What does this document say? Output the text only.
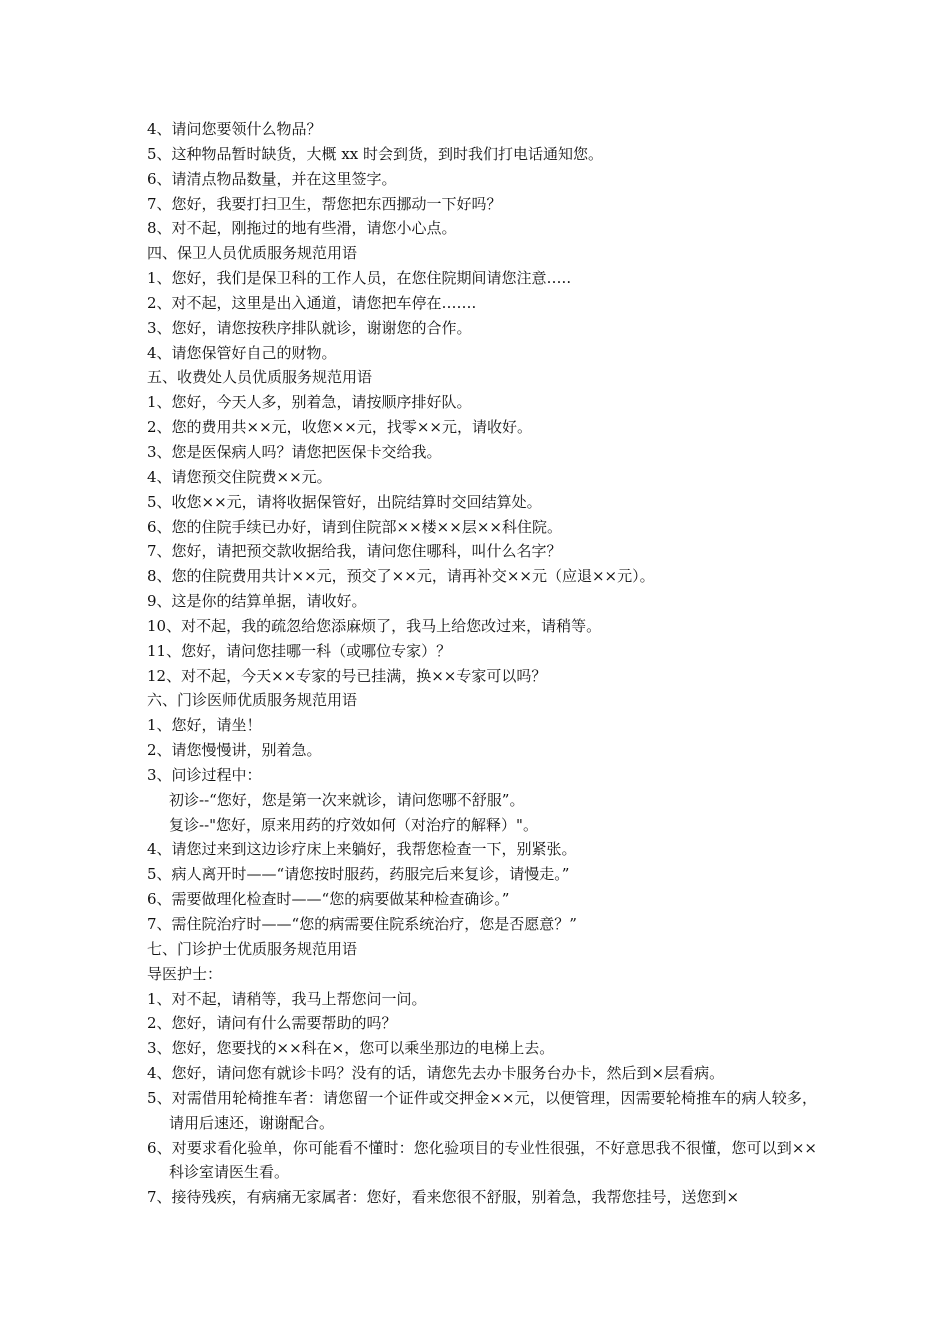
4、请问您要领什么物品？
5、这种物品暂时缺货，大概 xx 时会到货，到时我们打电话通知您。
6、请清点物品数量，并在这里签字。
7、您好，我要打扫卫生，帮您把东西挪动一下好吗？
8、对不起，刚拖过的地有些滑，请您小心点。
四、保卫人员优质服务规范用语
1、您好，我们是保卫科的工作人员，在您住院期间请您注意…..
2、对不起，这里是出入通道，请您把车停在…….
3、您好，请您按秩序排队就诊，谢谢您的合作。
4、请您保管好自己的财物。
五、收费处人员优质服务规范用语
1、您好，今天人多，别着急，请按顺序排好队。
2、您的费用共××元，收您××元，找零××元，请收好。
3、您是医保病人吗？请您把医保卡交给我。
4、请您预交住院费××元。
5、收您××元，请将收据保管好，出院结算时交回结算处。
6、您的住院手续已办好，请到住院部××楼××层××科住院。
7、您好，请把预交款收据给我，请问您住哪科，叫什么名字？
8、您的住院费用共计××元，预交了××元，请再补交××元（应退××元）。
9、这是你的结算单据，请收好。
10、对不起，我的疏忽给您添麻烦了，我马上给您改过来，请稍等。
11、您好，请问您挂哪一科（或哪位专家）？
12、对不起，今天××专家的号已挂满，换××专家可以吗？
六、门诊医师优质服务规范用语
1、您好，请坐！
2、请您慢慢讲，别着急。
3、问诊过程中：
初诊--“您好，您是第一次来就诊，请问您哪不舒服”。
复诊--"您好，原来用药的疗效如何（对治疗的解释）"。
4、请您过来到这边诊疗床上来躺好，我帮您检查一下，别紧张。
5、病人离开时——“请您按时服药，药服完后来复诊，请慢走。”
6、需要做理化检查时——“您的病要做某种检查确诊。”
7、需住院治疗时——“您的病需要住院系统治疗，您是否愿意？”
七、门诊护士优质服务规范用语
导医护士：
1、对不起，请稍等，我马上帮您问一问。
2、您好，请问有什么需要帮助的吗？
3、您好，您要找的××科在×，您可以乘坐那边的电梯上去。
4、您好，请问您有就诊卡吗？没有的话，请您先去办卡服务台办卡，然后到×层看病。
5、对需借用轮椅推车者：请您留一个证件或交押金××元，以便管理，因需要轮椅推车的病人较多，请用后速还，谢谢配合。
6、对要求看化验单，你可能看不懂时：您化验项目的专业性很强，不好意思我不很懂，您可以到××科诊室请医生看。
7、接待残疾，有病痛无家属者：您好，看来您很不舒服，别着急，我帮您挂号，送您到×
